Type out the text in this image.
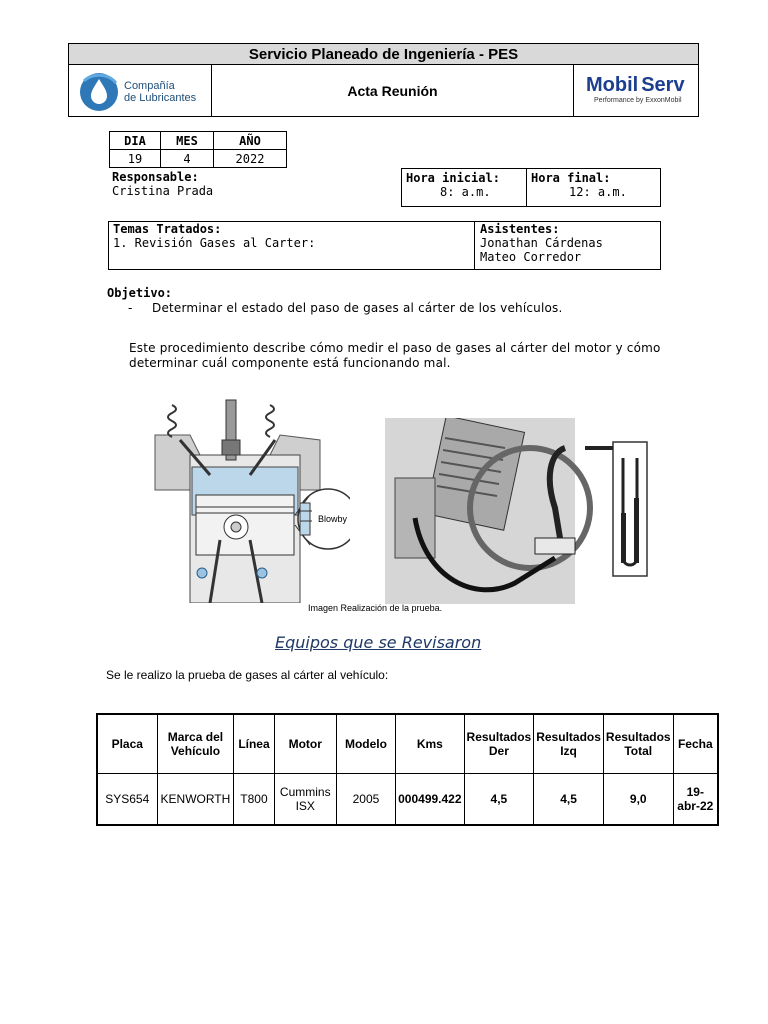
Servicio Planeado de Ingeniería - PES
Compañía
de Lubricantes	Acta Reunión	Mobil Serv
Performance by ExxonMobil
DIA	MES	AÑO
19	4	2022
Responsable:
Cristina Prada
Hora inicial:
8: a.m.
Hora final:
12: a.m.
Temas Tratados:
1. Revisión Gases al Carter:
Asistentes:
Jonathan Cárdenas
Mateo Corredor
Objetivo:
- Determinar el estado del paso de gases al cárter de los vehículos.
Este procedimiento describe cómo medir el paso de gases al cárter del motor y cómo
determinar cuál componente está funcionando mal.
Blowby
Imagen Realización de la prueba.
Equipos que se Revisaron
Se le realizo la prueba de gases al cárter al vehículo:
Placa	Marca del Vehículo	Línea	Motor	Modelo	Kms	Resultados Der	Resultados Izq	Resultados Total	Fecha
SYS654	KENWORTH	T800	Cummins ISX	2005	000499.422	4,5	4,5	9,0	19-abr-22
